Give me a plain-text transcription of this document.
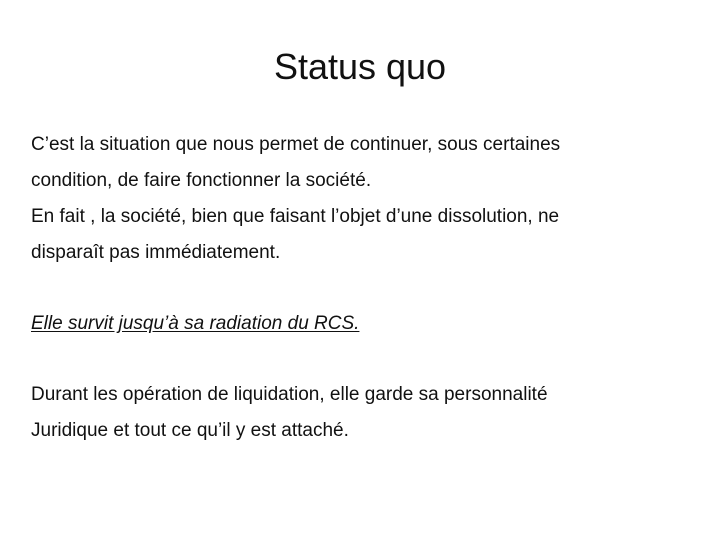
Status quo
C’est la situation que nous permet de continuer, sous certaines
condition, de faire fonctionner la société.
En fait , la société, bien que faisant l’objet d’une dissolution, ne
disparaît pas immédiatement.
Elle survit jusqu’à sa radiation du RCS.
Durant les opération de liquidation, elle garde sa personnalité
Juridique et tout ce qu’il y est attaché.
